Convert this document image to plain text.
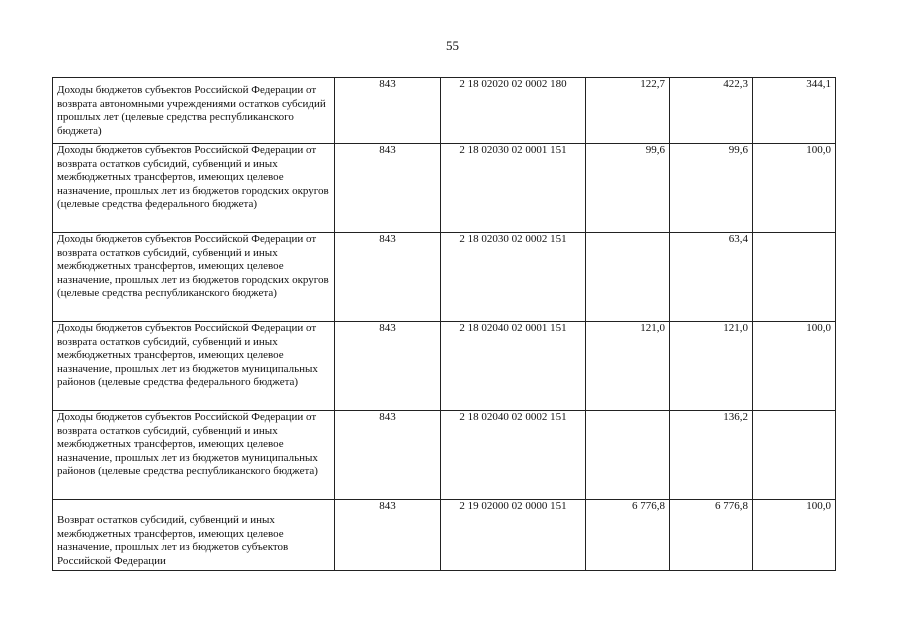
55
Доходы бюджетов субъектов Российской Федерации от возврата автономными учреждениями остатков субсидий прошлых лет (целевые средства республиканского бюджета)	843	2 18 02020 02 0002 180	122,7	422,3	344,1
Доходы бюджетов субъектов Российской Федерации от возврата остатков субсидий, субвенций и иных межбюджетных трансфертов, имеющих целевое назначение, прошлых лет из бюджетов городских округов (целевые средства федерального бюджета)	843	2 18 02030 02 0001 151	99,6	99,6	100,0
Доходы бюджетов субъектов Российской Федерации от возврата остатков субсидий, субвенций и иных межбюджетных трансфертов, имеющих целевое назначение, прошлых лет из бюджетов городских округов (целевые средства республиканского бюджета)	843	2 18 02030 02 0002 151		63,4	
Доходы бюджетов субъектов Российской Федерации от возврата остатков субсидий, субвенций и иных межбюджетных трансфертов, имеющих целевое назначение, прошлых лет из бюджетов муниципальных районов (целевые средства федерального бюджета)	843	2 18 02040 02 0001 151	121,0	121,0	100,0
Доходы бюджетов субъектов Российской Федерации от возврата остатков субсидий, субвенций и иных межбюджетных трансфертов, имеющих целевое назначение, прошлых лет из бюджетов муниципальных районов (целевые средства республиканского бюджета)	843	2 18 02040 02 0002 151		136,2	
Возврат остатков субсидий, субвенций и иных межбюджетных трансфертов, имеющих целевое назначение, прошлых лет из бюджетов субъектов Российской Федерации	843	2 19 02000 02 0000 151	6 776,8	6 776,8	100,0
